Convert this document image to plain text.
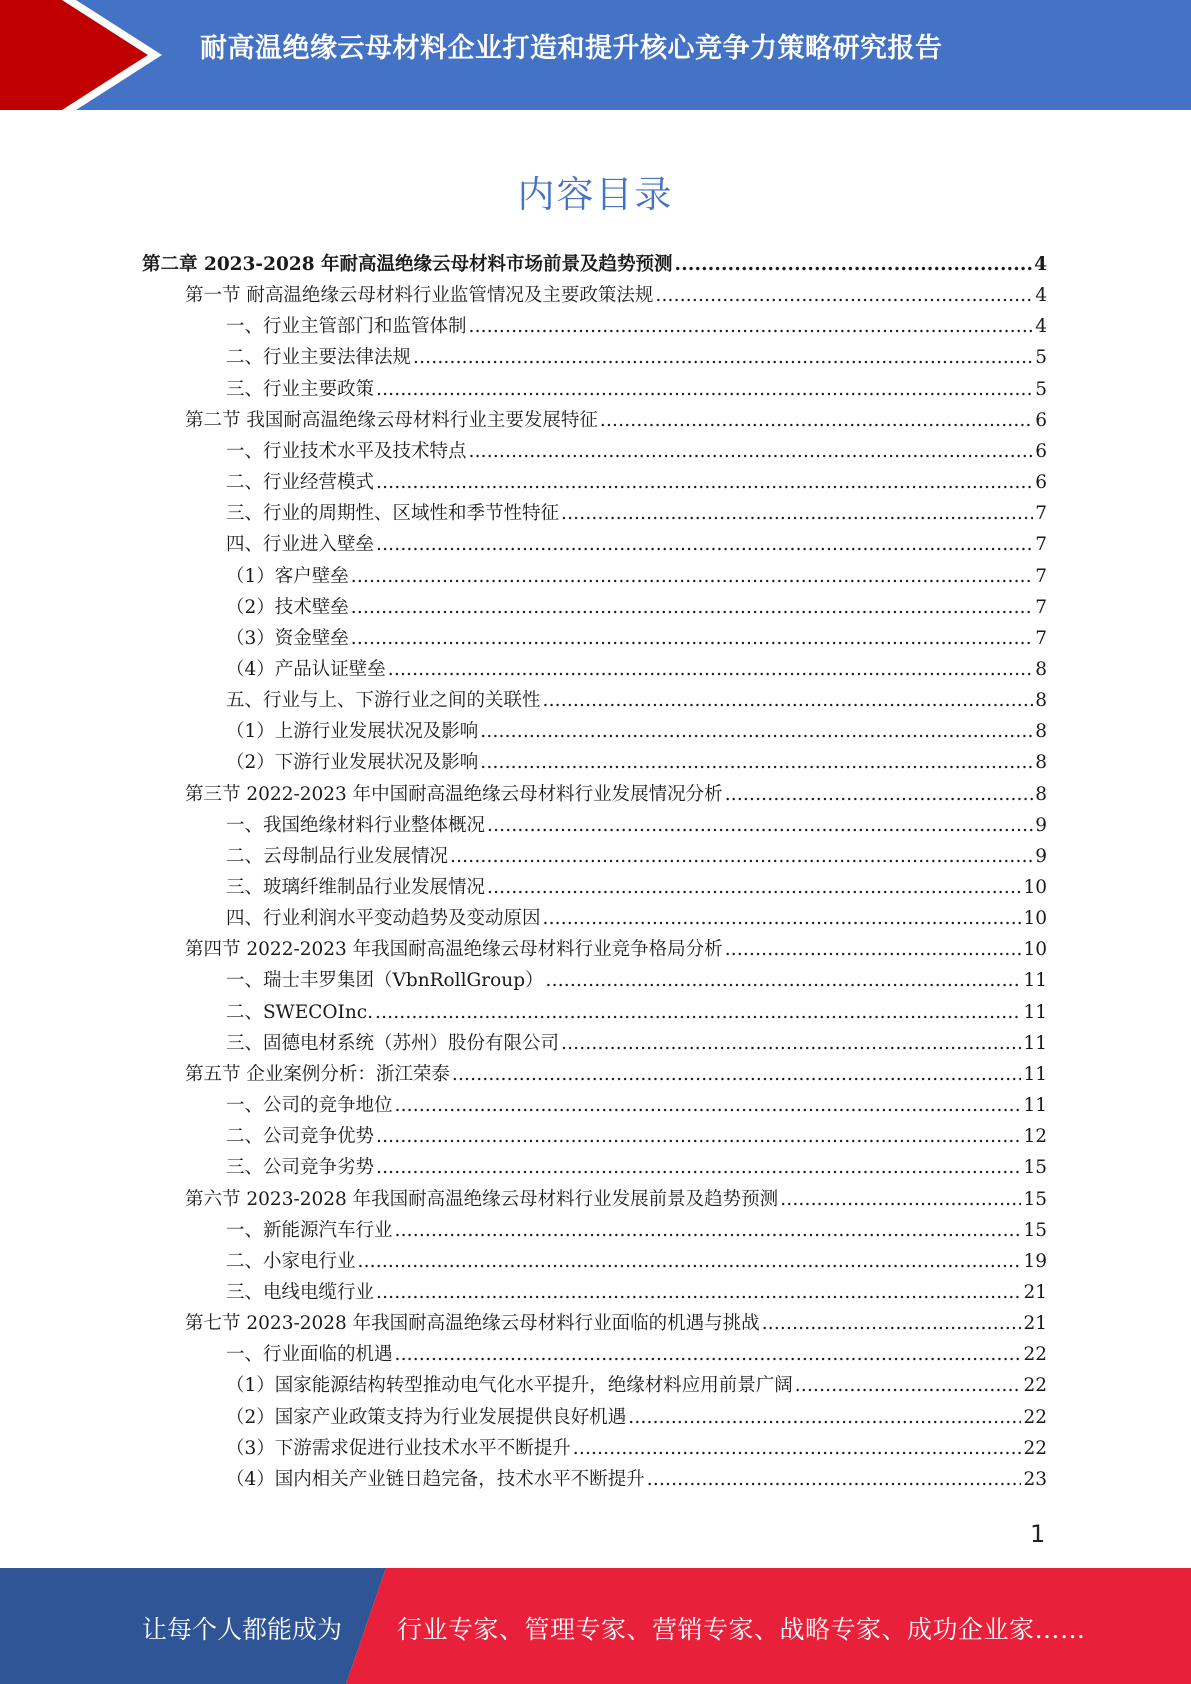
耐高温绝缘云母材料企业打造和提升核心竞争力策略研究报告
内容目录
第二章 2023-2028 年耐高温绝缘云母材料市场前景及趋势预测 .....	4
第一节 耐高温绝缘云母材料行业监管情况及主要政策法规 .....	4
一、行业主管部门和监管体制 .....	4
二、行业主要法律法规 .....	5
三、行业主要政策 .....	5
第二节 我国耐高温绝缘云母材料行业主要发展特征 .....	6
一、行业技术水平及技术特点 .....	6
二、行业经营模式 .....	6
三、行业的周期性、区域性和季节性特征 .....	7
四、行业进入壁垒 .....	7
（1）客户壁垒 .....	7
（2）技术壁垒 .....	7
（3）资金壁垒 .....	7
（4）产品认证壁垒 .....	8
五、行业与上、下游行业之间的关联性 .....	8
（1）上游行业发展状况及影响 .....	8
（2）下游行业发展状况及影响 .....	8
第三节 2022-2023 年中国耐高温绝缘云母材料行业发展情况分析 .....	8
一、我国绝缘材料行业整体概况 .....	9
二、云母制品行业发展情况 .....	9
三、玻璃纤维制品行业发展情况 .....	10
四、行业利润水平变动趋势及变动原因 .....	10
第四节 2022-2023 年我国耐高温绝缘云母材料行业竞争格局分析 .....	10
一、瑞士丰罗集团（VbnRollGroup） .....	11
二、SWECOInc. .....	11
三、固德电材系统（苏州）股份有限公司 .....	11
第五节 企业案例分析：浙江荣泰 .....	11
一、公司的竞争地位 .....	11
二、公司竞争优势 .....	12
三、公司竞争劣势 .....	15
第六节 2023-2028 年我国耐高温绝缘云母材料行业发展前景及趋势预测 .....	15
一、新能源汽车行业 .....	15
二、小家电行业 .....	19
三、电线电缆行业 .....	21
第七节 2023-2028 年我国耐高温绝缘云母材料行业面临的机遇与挑战 .....	21
一、行业面临的机遇 .....	22
（1）国家能源结构转型推动电气化水平提升，绝缘材料应用前景广阔 .....	22
（2）国家产业政策支持为行业发展提供良好机遇 .....	22
（3）下游需求促进行业技术水平不断提升 .....	22
（4）国内相关产业链日趋完备，技术水平不断提升 .....	23
1
让每个人都能成为 行业专家、管理专家、营销专家、战略专家、成功企业家……
